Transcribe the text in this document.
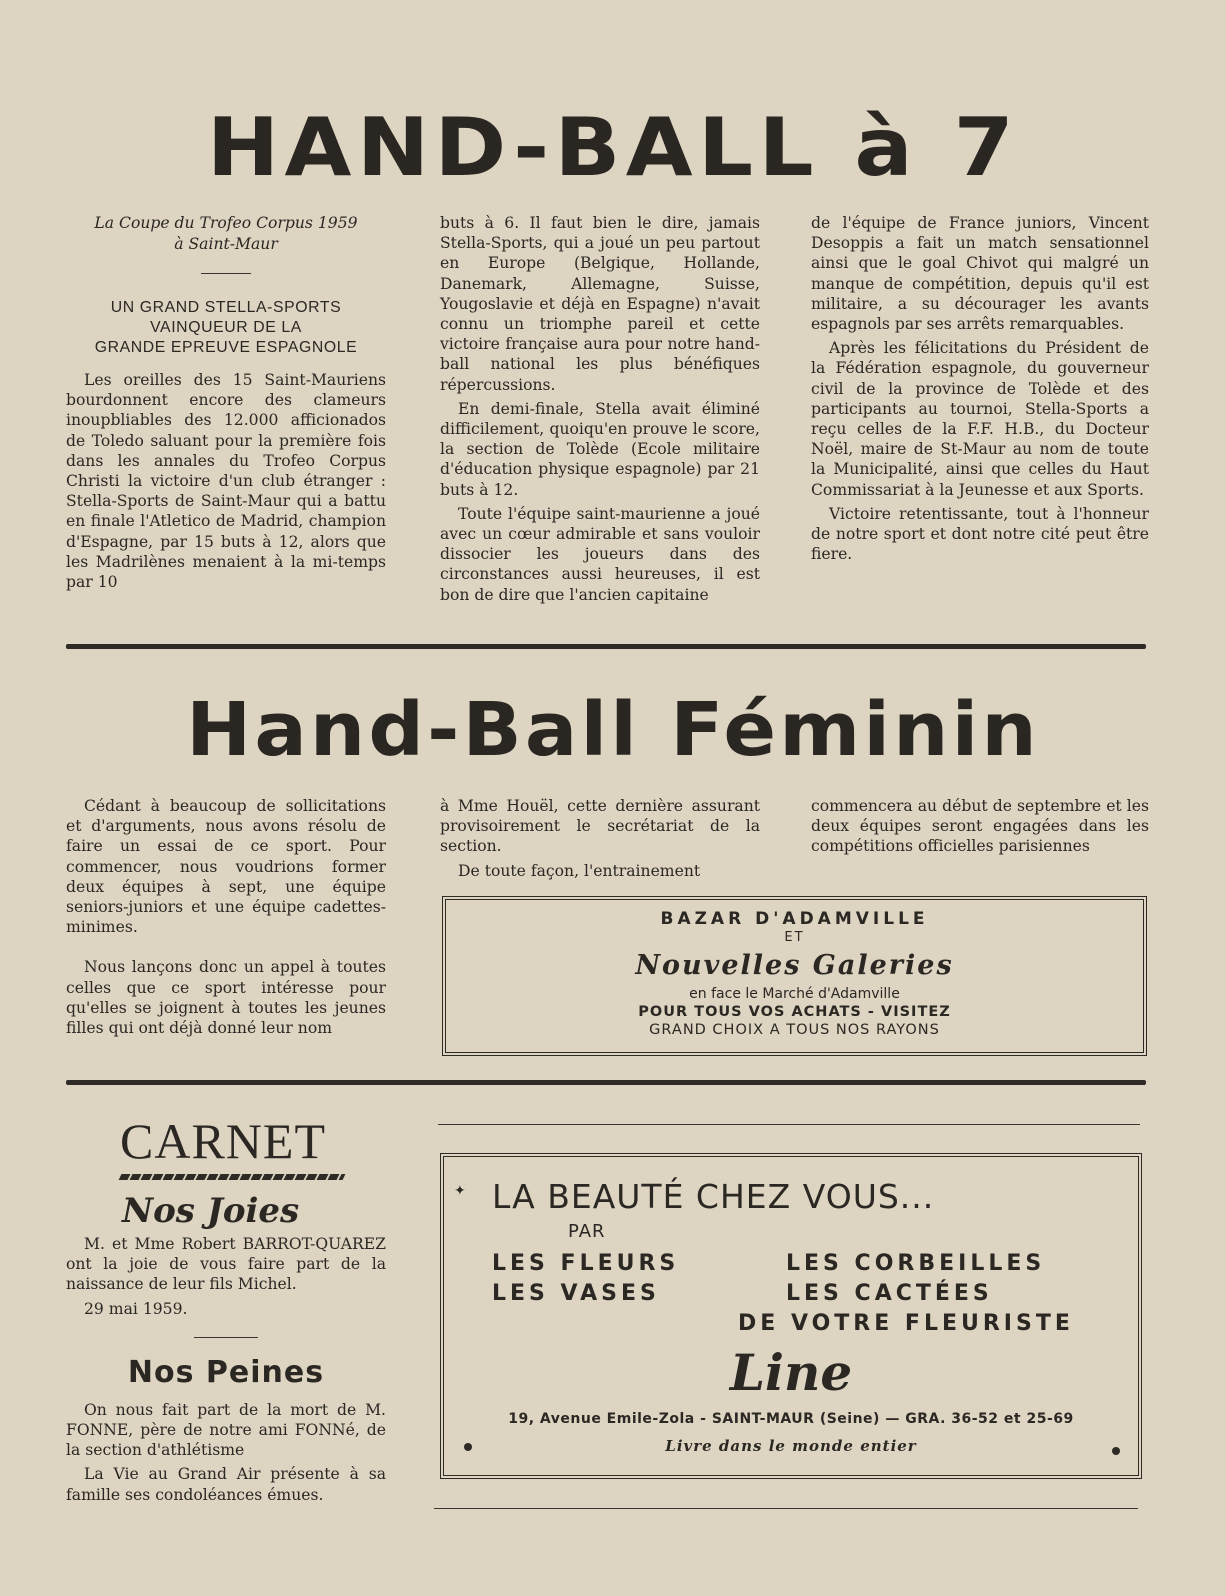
HAND-BALL à 7
La Coupe du Trofeo Corpus 1959
à Saint-Maur
UN GRAND STELLA-SPORTS
VAINQUEUR DE LA
GRANDE EPREUVE ESPAGNOLE

Les oreilles des 15 Saint-Mauriens bourdonnent encore des clameurs inoupbliables des 12.000 afficionados de Toledo saluant pour la première fois dans les annales du Trofeo Corpus Christi la victoire d'un club étranger : Stella-Sports de Saint-Maur qui a battu en finale l'Atletico de Madrid, champion d'Espagne, par 15 buts à 12, alors que les Madrilènes menaient à la mi-temps par 10

buts à 6. Il faut bien le dire, jamais Stella-Sports, qui a joué un peu partout en Europe (Belgique, Hollande, Danemark, Allemagne, Suisse, Yougoslavie et déjà en Espagne) n'avait connu un triomphe pareil et cette victoire française aura pour notre hand-ball national les plus bénéfiques répercussions.

En demi-finale, Stella avait éliminé difficilement, quoiqu'en prouve le score, la section de Tolède (Ecole militaire d'éducation physique espagnole) par 21 buts à 12.

Toute l'équipe saint-maurienne a joué avec un cœur admirable et sans vouloir dissocier les joueurs dans des circonstances aussi heureuses, il est bon de dire que l'ancien capitaine

de l'équipe de France juniors, Vincent Desoppis a fait un match sensationnel ainsi que le goal Chivot qui malgré un manque de compétition, depuis qu'il est militaire, a su décourager les avants espagnols par ses arrêts remarquables.

Après les félicitations du Président de la Fédération espagnole, du gouverneur civil de la province de Tolède et des participants au tournoi, Stella-Sports a reçu celles de la F.F. H.B., du Docteur Noël, maire de St-Maur au nom de toute la Municipalité, ainsi que celles du Haut Commissariat à la Jeunesse et aux Sports.

Victoire retentissante, tout à l'honneur de notre sport et dont notre cité peut être fiere.

Hand-Ball Féminin

Cédant à beaucoup de sollicitations et d'arguments, nous avons résolu de faire un essai de ce sport. Pour commencer, nous voudrions former deux équipes à sept, une équipe seniors-juniors et une équipe cadettes-minimes.

Nous lançons donc un appel à toutes celles que ce sport intéresse pour qu'elles se joignent à toutes les jeunes filles qui ont déjà donné leur nom

à Mme Houël, cette dernière assurant provisoirement le secrétariat de la section.

De toute façon, l'entrainement

commencera au début de septembre et les deux équipes seront engagées dans les compétitions officielles parisiennes

BAZAR D'ADAMVILLE
ET
Nouvelles Galeries
en face le Marché d'Adamville
POUR TOUS VOS ACHATS - VISITEZ
GRAND CHOIX A TOUS NOS RAYONS
CARNET
Nos Joies

M. et Mme Robert BARROT-QUAREZ ont la joie de vous faire part de la naissance de leur fils Michel.

29 mai 1959.

Nos Peines

On nous fait part de la mort de M. FONNE, père de notre ami FONNé, de la section d'athlétisme

La Vie au Grand Air présente à sa famille ses condoléances émues.

✦ LA BEAUTÉ CHEZ VOUS...
PAR
LES FLEURS	LES CORBEILLES
LES VASES	LES CACTÉES
DE VOTRE FLEURISTE
Line
19, Avenue Emile-Zola - SAINT-MAUR (Seine) — GRA. 36-52 et 25-69
Livre dans le monde entier
